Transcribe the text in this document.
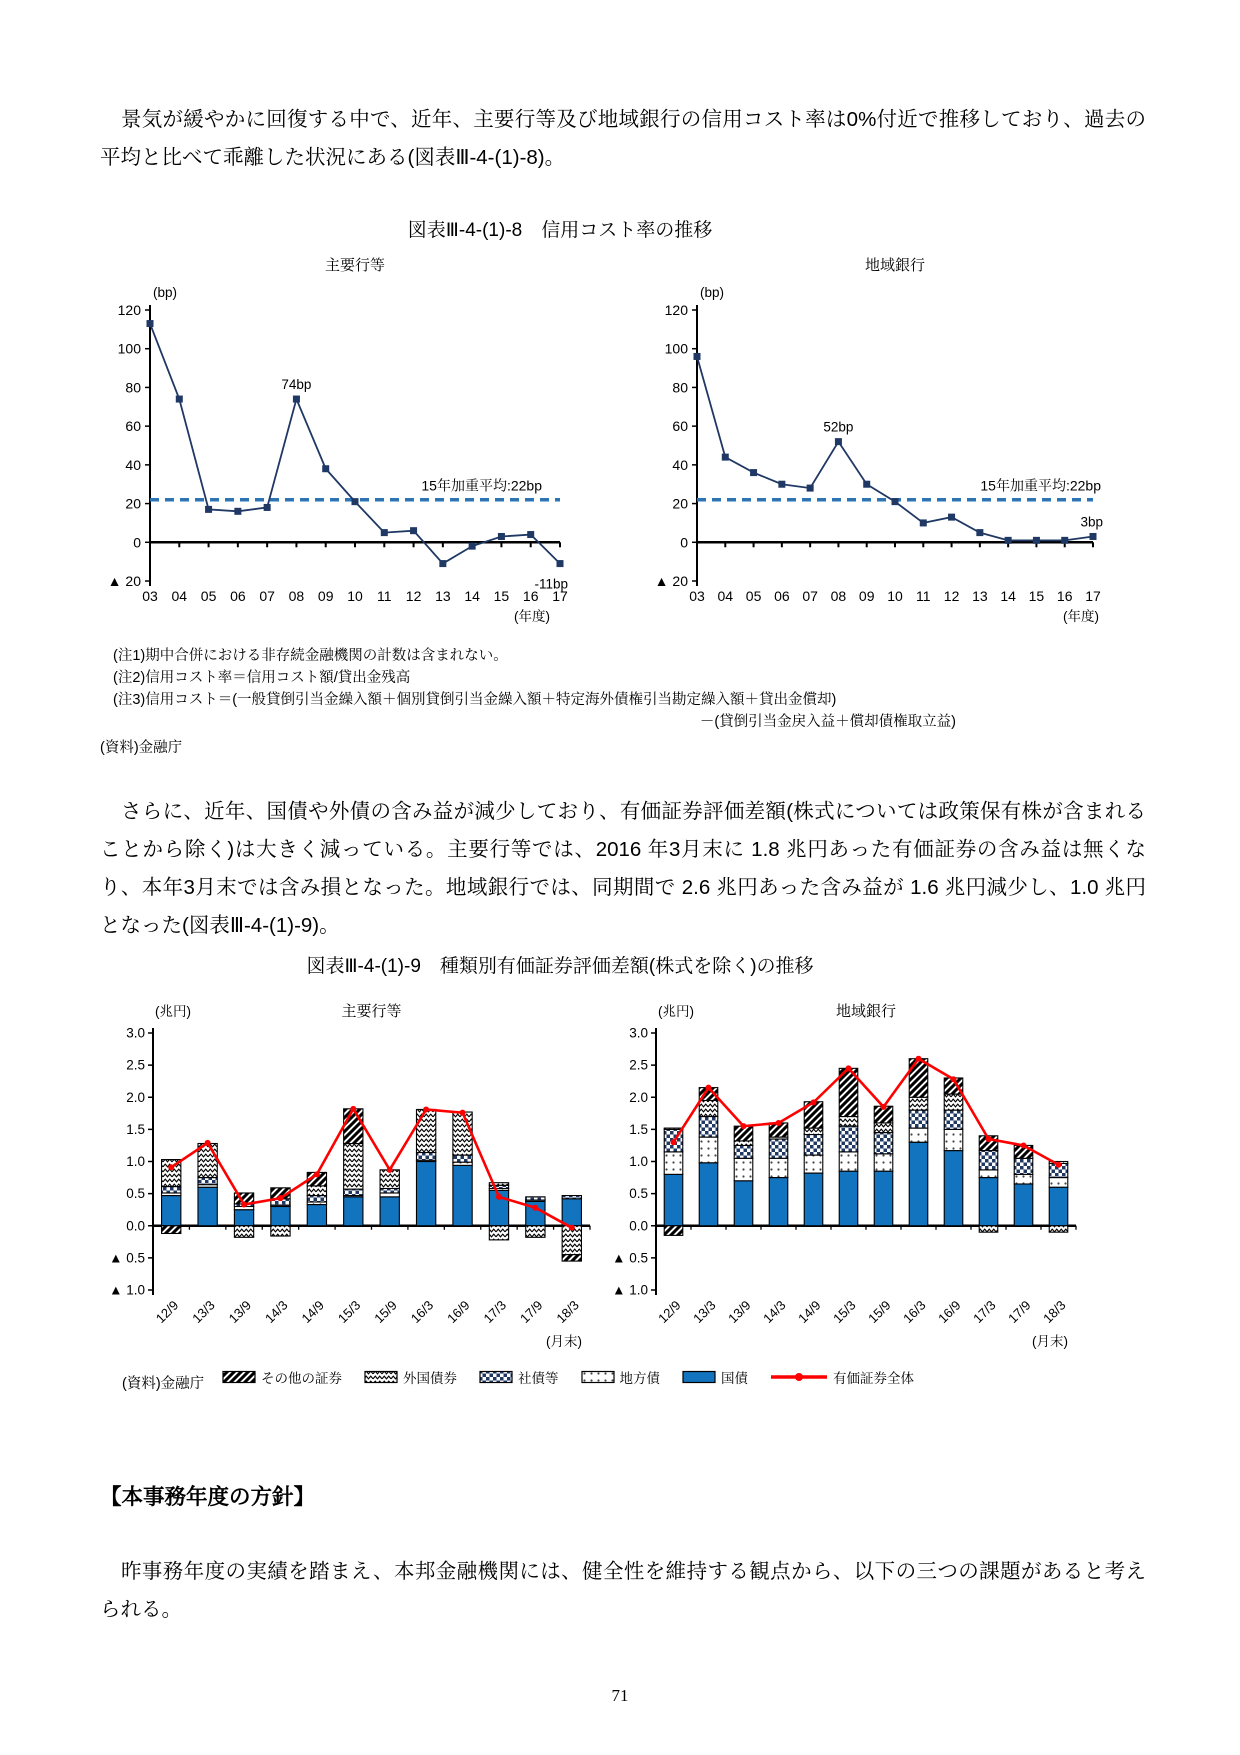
景気が緩やかに回復する中で、近年、主要行等及び地域銀行の信用コスト率は0%付近で推移しており、過去の平均と比べて乖離した状況にある(図表Ⅲ-4-(1)-8)。

図表Ⅲ-4-(1)-8　信用コスト率の推移
主要行等
(bp)
120
100
80
60
40
20
0
▲ 20
15年加重平均:22bp
74bp
-11bp
03 04 05 06 07 08 09 10 11 12 13 14 15 16 17
(年度)
地域銀行
(bp)
120
100
80
60
40
20
0
▲ 20
15年加重平均:22bp
52bp
3bp
03 04 05 06 07 08 09 10 11 12 13 14 15 16 17
(年度)
(注1)期中合併における非存続金融機関の計数は含まれない。
(注2)信用コスト率＝信用コスト額/貸出金残高
(注3)信用コスト＝(一般貸倒引当金繰入額＋個別貸倒引当金繰入額＋特定海外債権引当勘定繰入額＋貸出金償却)
－(貸倒引当金戻入益＋償却債権取立益)
(資料)金融庁

さらに、近年、国債や外債の含み益が減少しており、有価証券評価差額(株式については政策保有株が含まれることから除く)は大きく減っている。主要行等では、2016 年3月末に 1.8 兆円あった有価証券の含み益は無くなり、本年3月末では含み損となった。地域銀行では、同期間で 2.6 兆円あった含み益が 1.6 兆円減少し、1.0 兆円となった(図表Ⅲ-4-(1)-9)。

図表Ⅲ-4-(1)-9　種類別有価証券評価差額(株式を除く)の推移
主要行等
(兆円)
3.0
2.5
2.0
1.5
1.0
0.5
0.0
▲ 0.5
▲ 1.0
12/9 13/3 13/9 14/3 14/9 15/3 15/9 16/3 16/9 17/3 17/9 18/3
(月末)
地域銀行
(兆円)
3.0
2.5
2.0
1.5
1.0
0.5
0.0
▲ 0.5
▲ 1.0
12/9 13/3 13/9 14/3 14/9 15/3 15/9 16/3 16/9 17/3 17/9 18/3
(月末)
(資料)金融庁	その他の証券	外国債券	社債等	地方債	国債	有価証券全体
【本事務年度の方針】

昨事務年度の実績を踏まえ、本邦金融機関には、健全性を維持する観点から、以下の三つの課題があると考えられる。

71
